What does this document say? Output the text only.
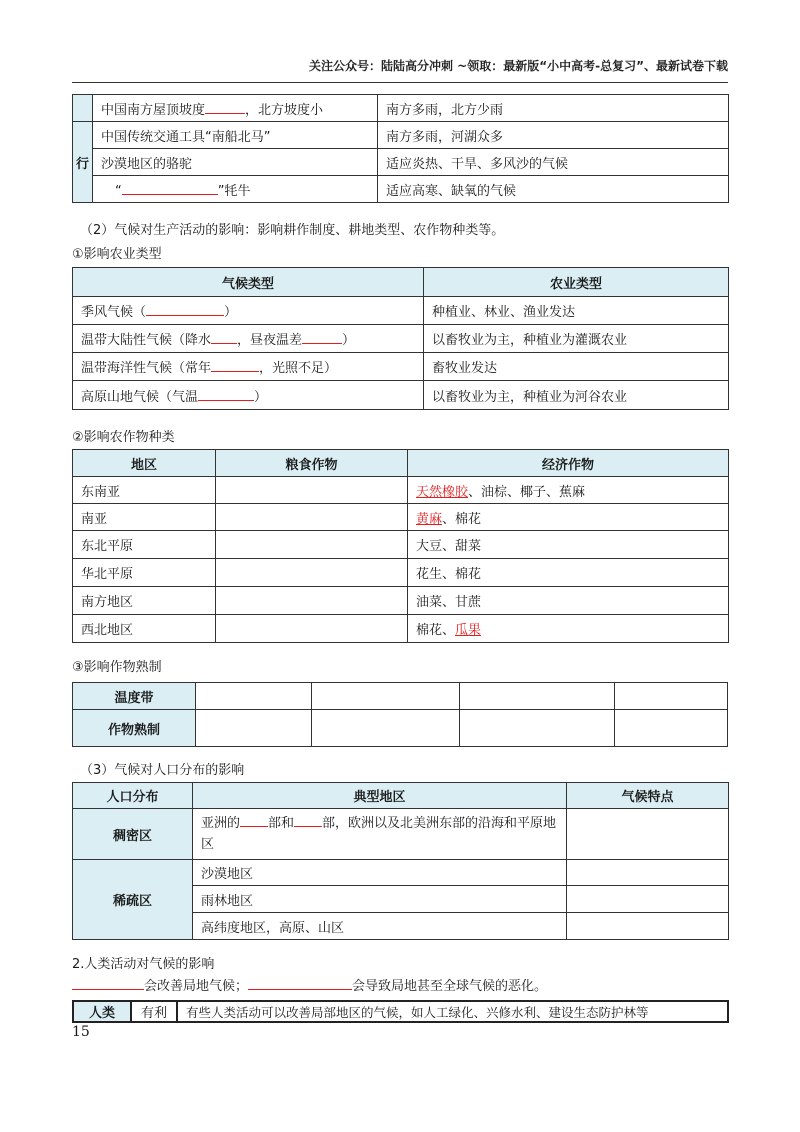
关注公众号：陆陆高分冲刺 ~领取：最新版“小中高考-总复习”、最新试卷下载
	中国南方屋顶坡度 ，北方坡度小	南方多雨，北方少雨
行	中国传统交通工具“南船北马”	南方多雨，河湖众多
	沙漠地区的骆驼	适应炎热、干旱、多风沙的气候
	“ ”牦牛	适应高寒、缺氧的气候
（2）气候对生产活动的影响：影响耕作制度、耕地类型、农作物种类等。
①影响农业类型
气候类型	农业类型
季风气候（ ）	种植业、林业、渔业发达
温带大陆性气候（降水 ，昼夜温差 ）	以畜牧业为主，种植业为灌溉农业
温带海洋性气候（常年 ，光照不足）	畜牧业发达
高原山地气候（气温 ）	以畜牧业为主，种植业为河谷农业
②影响农作物种类
地区	粮食作物	经济作物
东南亚		天然橡胶、油棕、椰子、蕉麻
南亚		黄麻、棉花
东北平原		大豆、甜菜
华北平原		花生、棉花
南方地区		油菜、甘蔗
西北地区		棉花、瓜果
③影响作物熟制
温度带				
作物熟制				
（3）气候对人口分布的影响
人口分布	典型地区	气候特点
稠密区	亚洲的 部和 部，欧洲以及北美洲东部的沿海和平原地区	
稀疏区	沙漠地区	
	雨林地区	
	高纬度地区，高原、山区	
2.人类活动对气候的影响
会改善局地气候；	会导致局地甚至全球气候的恶化。
人类	有利	有些人类活动可以改善局部地区的气候，如人工绿化、兴修水利、建设生态防护林等
15
